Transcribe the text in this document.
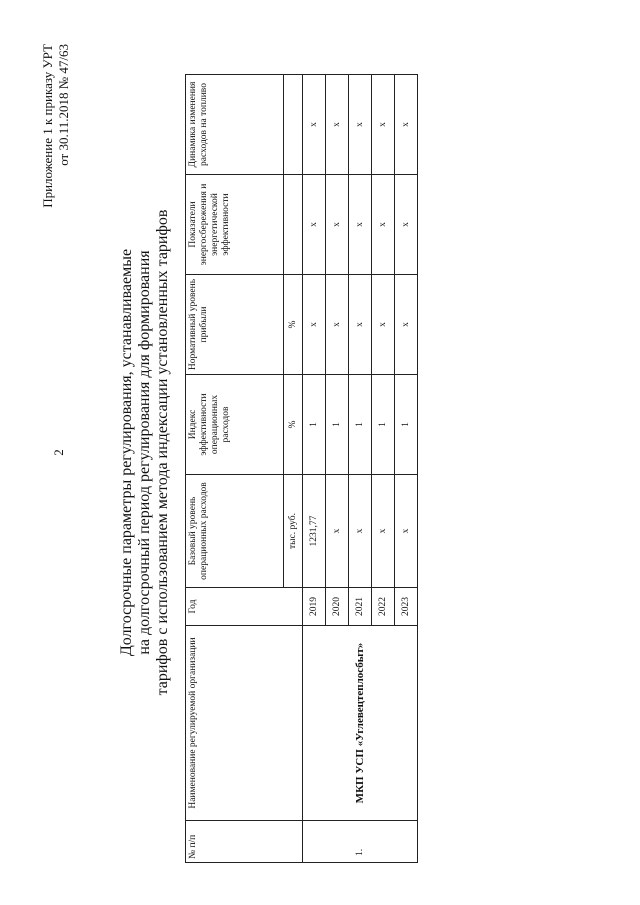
2
Приложение 1 к приказу УРТ от 30.11.2018 № 47/63
Долгосрочные параметры регулирования, устанавливаемые на долгосрочный период регулирования для формирования тарифов с использованием метода индексации установленных тарифов
№ п/п	Наименование регулируемой организации	Год	Базовый уровень операционных расходов	Индекс эффективности операционных расходов	Нормативный уровень прибыли	Показатели энергосбережения и энергетической эффективности	Динамика изменения расходов на топливо
			тыс. руб.	%	%		
1.	МКП УСП «Углевецтеплосбыт»	2019	1231,77	1	x	x	x
		2020	x	1	x	x	x
		2021	x	1	x	x	x
		2022	x	1	x	x	x
		2023	x	1	x	x	x
